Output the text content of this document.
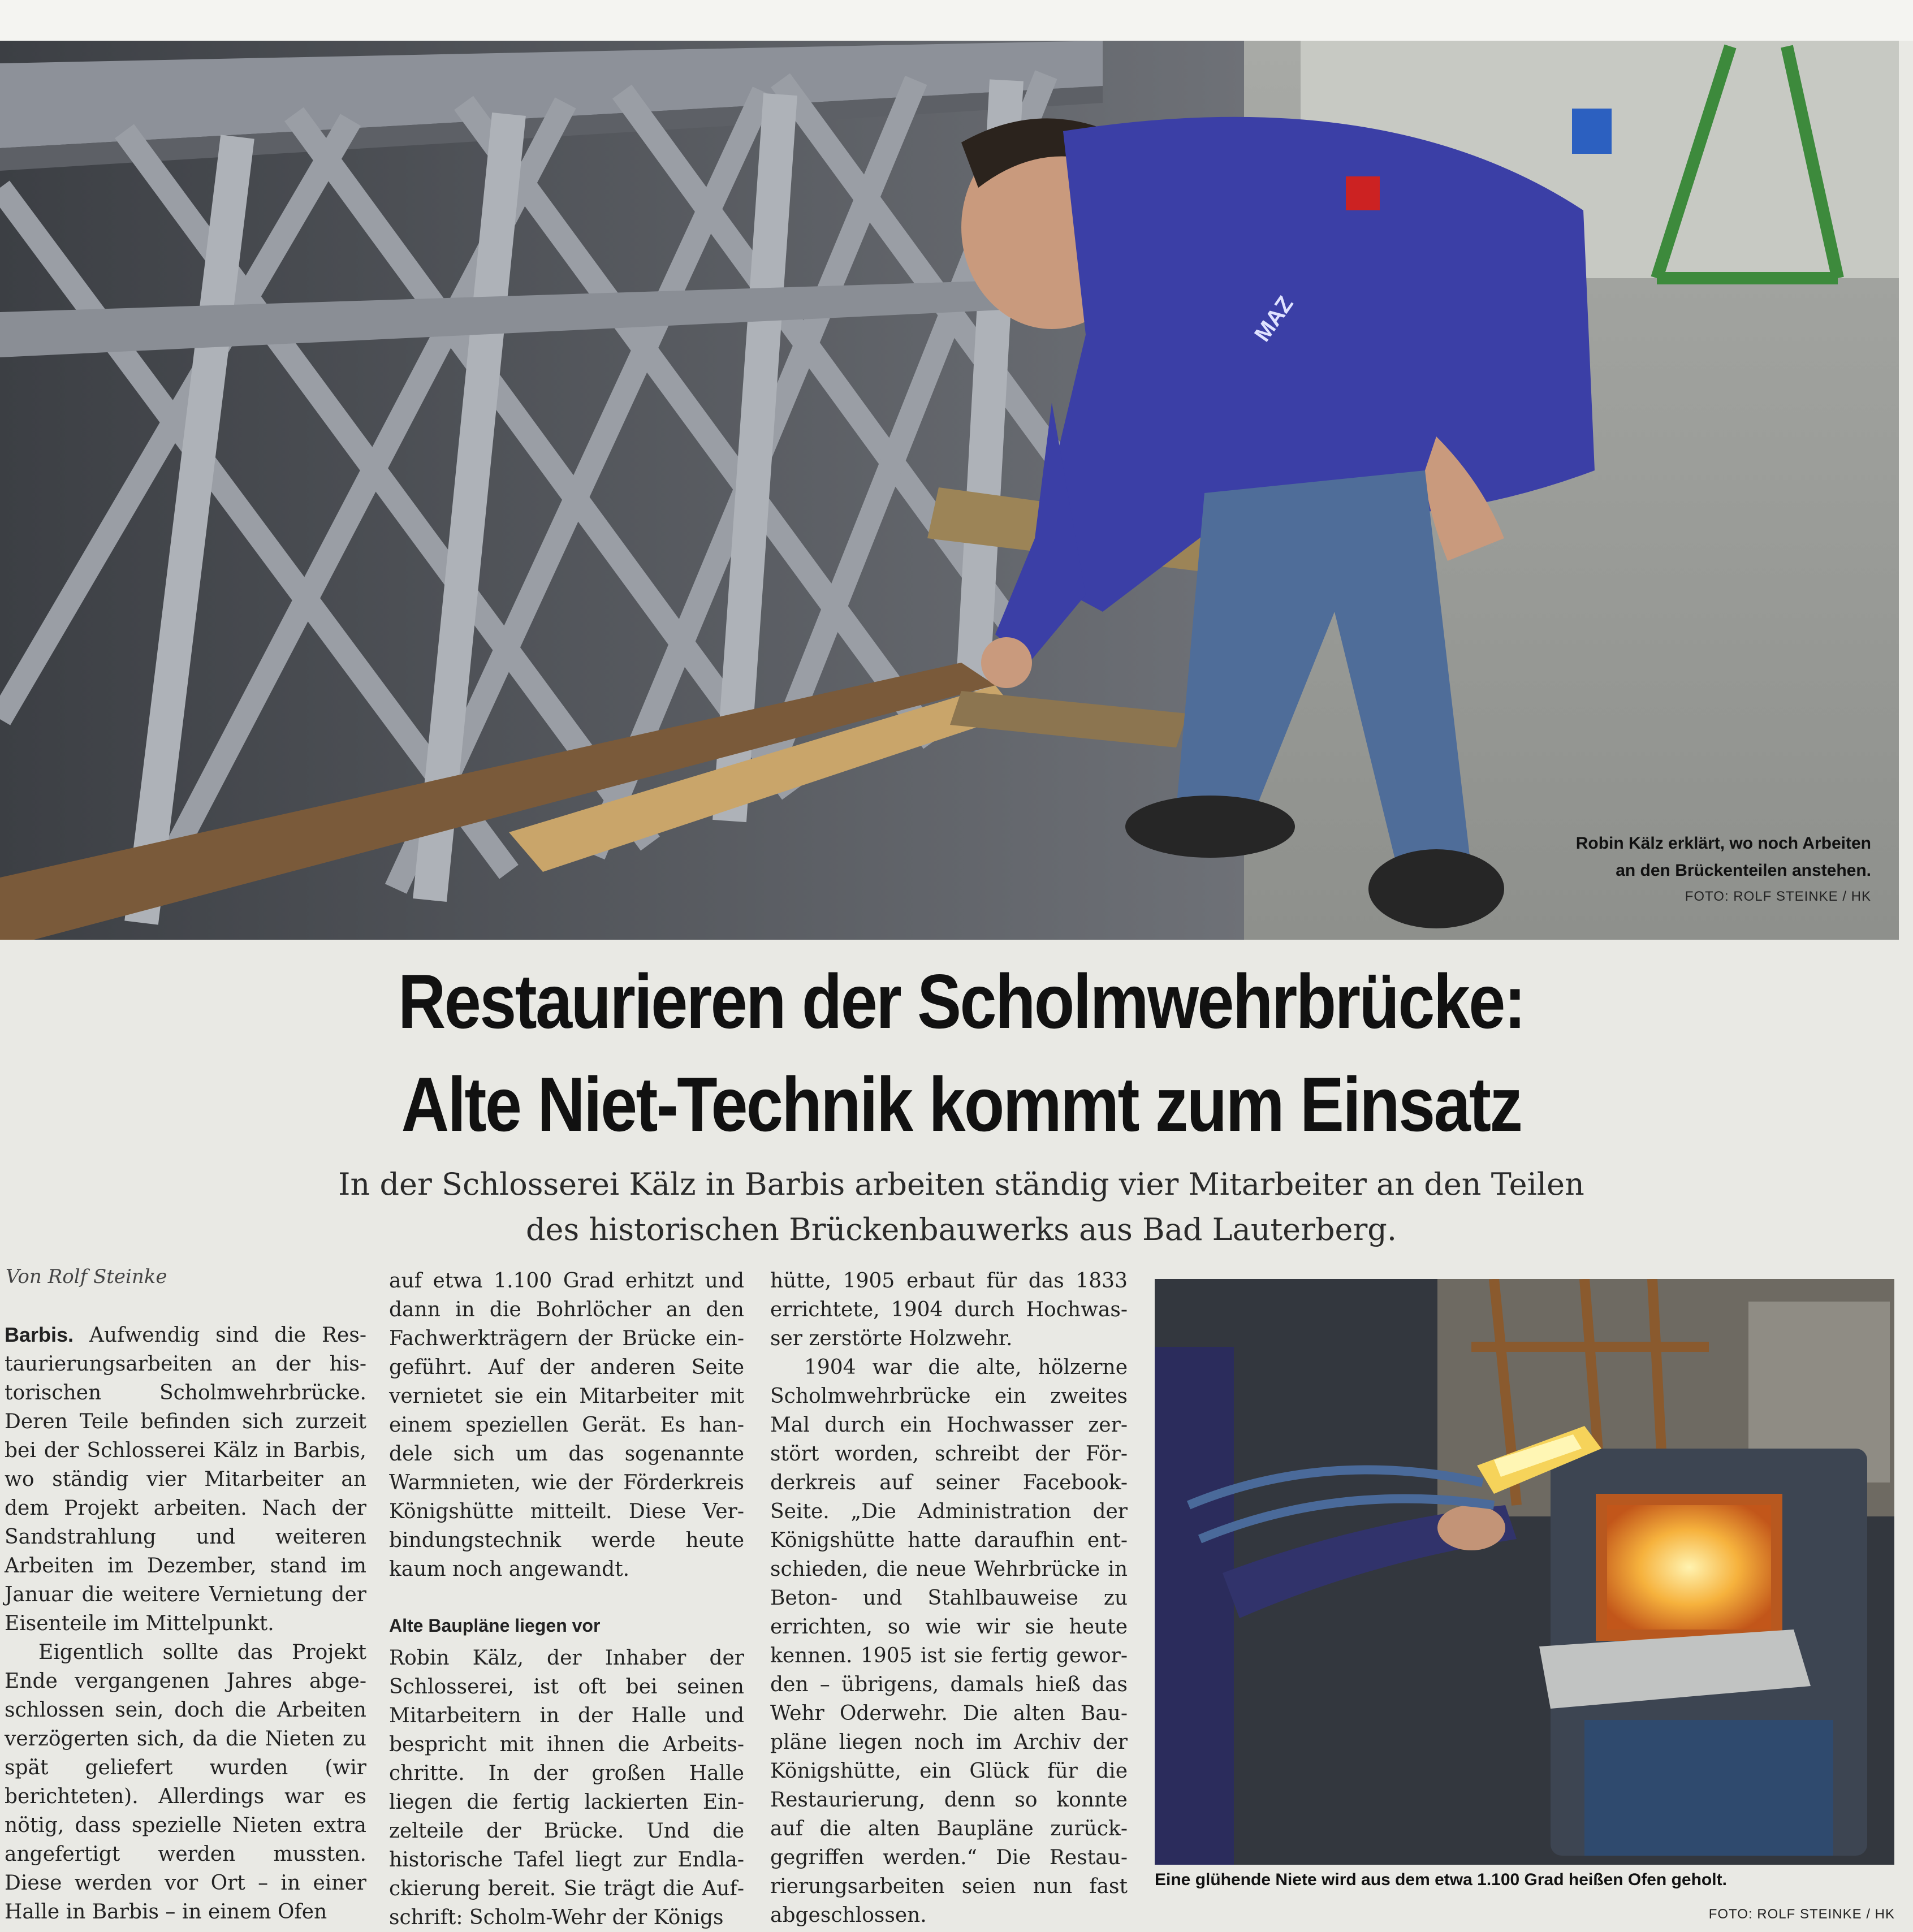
MAZ
Robin Kälz erklärt, wo noch Arbeiten
an den Brückenteilen anstehen.
FOTO: ROLF STEINKE / HK
Restaurieren der Scholmwehrbrücke:
Alte Niet-Technik kommt zum Einsatz
In der Schlosserei Kälz in Barbis arbeiten ständig vier Mitarbeiter an den Teilen
des historischen Brückenbauwerks aus Bad Lauterberg.
Von Rolf Steinke

Barbis. Aufwendig sind die Restaurierungsarbeiten an der historischen Scholmwehrbrücke. Deren Teile befinden sich zurzeit bei der Schlosserei Kälz in Barbis, wo ständig vier Mitarbeiter an dem Projekt arbeiten. Nach der Sandstrahlung und weiteren Arbeiten im Dezember, stand im Januar die weitere Vernietung der Eisenteile im Mittelpunkt.

Eigentlich sollte das Projekt Ende vergangenen Jahres abgeschlossen sein, doch die Arbeiten verzögerten sich, da die Nieten zu spät geliefert wurden (wir berichteten). Allerdings war es nötig, dass spezielle Nieten extra angefertigt werden mussten. Diese werden vor Ort – in einer Halle in Barbis – in einem Ofen

auf etwa 1.100 Grad erhitzt und dann in die Bohrlöcher an den Fachwerkträgern der Brücke eingeführt. Auf der anderen Seite vernietet sie ein Mitarbeiter mit einem speziellen Gerät. Es handele sich um das sogenannte Warmnieten, wie der Förderkreis Königshütte mitteilt. Diese Verbindungstechnik werde heute kaum noch angewandt.

Alte Baupläne liegen vor

Robin Kälz, der Inhaber der Schlosserei, ist oft bei seinen Mitarbeitern in der Halle und bespricht mit ihnen die Arbeitschritte. In der großen Halle liegen die fertig lackierten Einzelteile der Brücke. Und die historische Tafel liegt zur Endlackierung bereit. Sie trägt die Aufschrift: Scholm-Wehr der Königs

hütte, 1905 erbaut für das 1833 errichtete, 1904 durch Hochwasser zerstörte Holzwehr.

1904 war die alte, hölzerne Scholmwehrbrücke ein zweites Mal durch ein Hochwasser zerstört worden, schreibt der Förderkreis auf seiner Facebook-Seite. „Die Administration der Königshütte hatte daraufhin entschieden, die neue Wehrbrücke in Beton- und Stahlbauweise zu errichten, so wie wir sie heute kennen. 1905 ist sie fertig geworden – übrigens, damals hieß das Wehr Oderwehr. Die alten Baupläne liegen noch im Archiv der Königshütte, ein Glück für die Restaurierung, denn so konnte auf die alten Baupläne zurückgegriffen werden.“ Die Restaurierungsarbeiten seien nun fast abgeschlossen.

Eine glühende Niete wird aus dem etwa 1.100 Grad heißen Ofen geholt.
FOTO: ROLF STEINKE / HK
